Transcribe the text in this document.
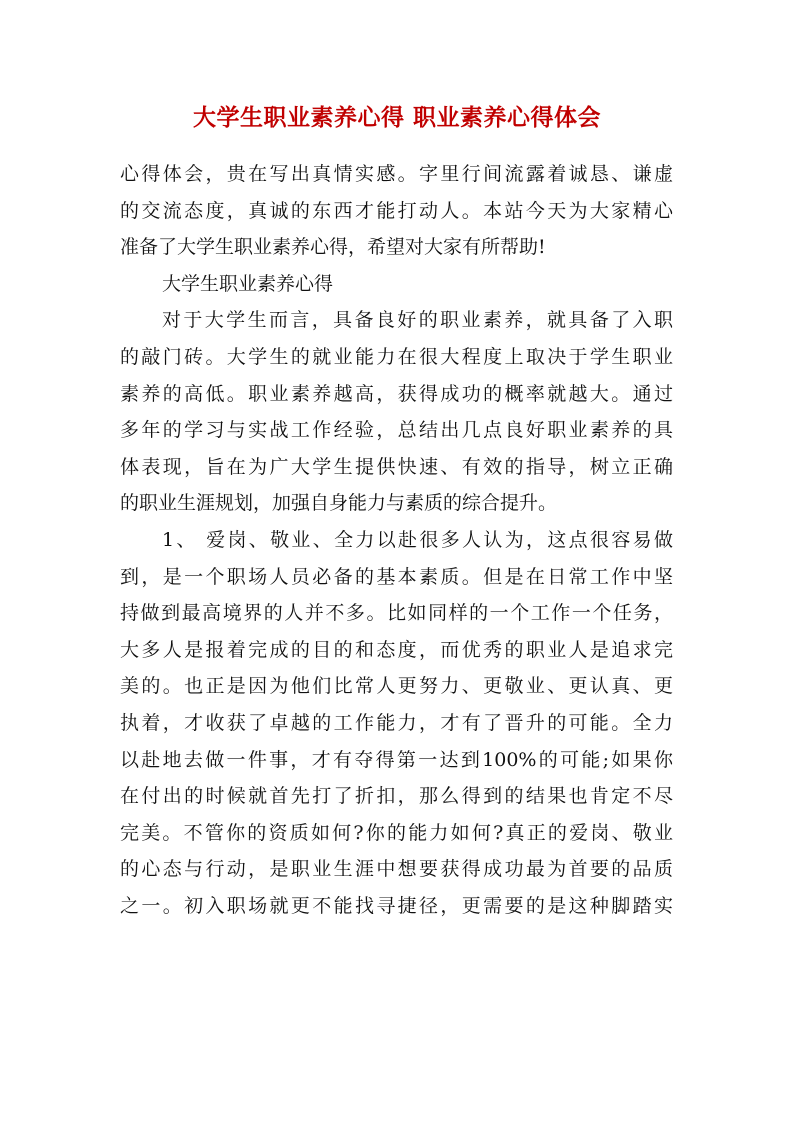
大学生职业素养心得 职业素养心得体会
心得体会，贵在写出真情实感。字里行间流露着诚恳、谦虚
的交流态度，真诚的东西才能打动人。本站今天为大家精心
准备了大学生职业素养心得，希望对大家有所帮助!
大学生职业素养心得
对于大学生而言，具备良好的职业素养，就具备了入职
的敲门砖。大学生的就业能力在很大程度上取决于学生职业
素养的高低。职业素养越高，获得成功的概率就越大。通过
多年的学习与实战工作经验，总结出几点良好职业素养的具
体表现，旨在为广大学生提供快速、有效的指导，树立正确
的职业生涯规划，加强自身能力与素质的综合提升。
1、 爱岗、敬业、全力以赴很多人认为，这点很容易做
到，是一个职场人员必备的基本素质。但是在日常工作中坚
持做到最高境界的人并不多。比如同样的一个工作一个任务，
大多人是报着完成的目的和态度，而优秀的职业人是追求完
美的。也正是因为他们比常人更努力、更敬业、更认真、更
执着，才收获了卓越的工作能力，才有了晋升的可能。全力
以赴地去做一件事，才有夺得第一达到100%的可能;如果你
在付出的时候就首先打了折扣，那么得到的结果也肯定不尽
完美。不管你的资质如何?你的能力如何?真正的爱岗、敬业
的心态与行动，是职业生涯中想要获得成功最为首要的品质
之一。初入职场就更不能找寻捷径，更需要的是这种脚踏实
